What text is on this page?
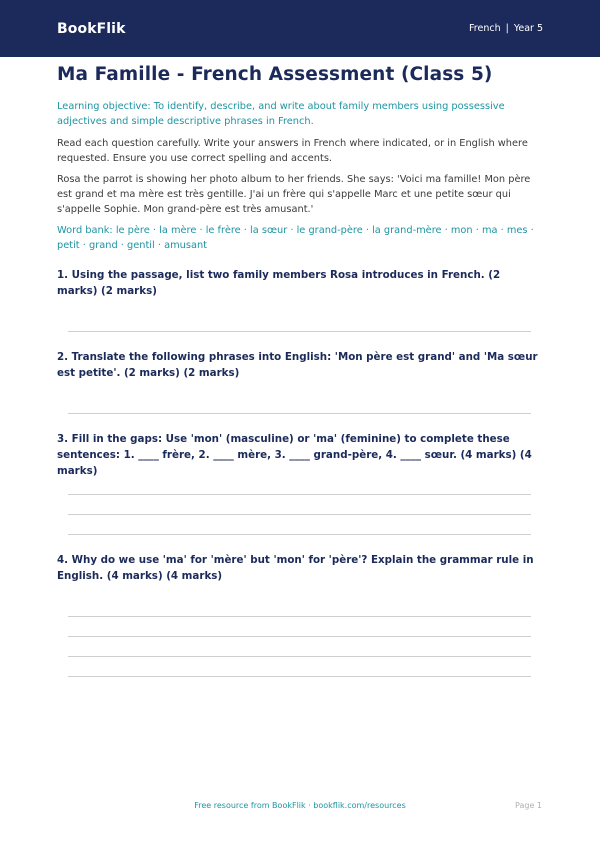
BookFlik	French | Year 5
Ma Famille - French Assessment (Class 5)

Learning objective: To identify, describe, and write about family members using possessive adjectives and simple descriptive phrases in French.

Read each question carefully. Write your answers in French where indicated, or in English where requested. Ensure you use correct spelling and accents.

Rosa the parrot is showing her photo album to her friends. She says: 'Voici ma famille! Mon père est grand et ma mère est très gentille. J'ai un frère qui s'appelle Marc et une petite sœur qui s'appelle Sophie. Mon grand-père est très amusant.'

Word bank: le père · la mère · le frère · la sœur · le grand-père · la grand-mère · mon · ma · mes · petit · grand · gentil · amusant

1. Using the passage, list two family members Rosa introduces in French. (2 marks) (2 marks)

2. Translate the following phrases into English: 'Mon père est grand' and 'Ma sœur est petite'. (2 marks) (2 marks)

3. Fill in the gaps: Use 'mon' (masculine) or 'ma' (feminine) to complete these sentences: 1. ____ frère, 2. ____ mère, 3. ____ grand-père, 4. ____ sœur. (4 marks) (4 marks)

4. Why do we use 'ma' for 'mère' but 'mon' for 'père'? Explain the grammar rule in English. (4 marks) (4 marks)

Free resource from BookFlik · bookflik.com/resources	Page 1
